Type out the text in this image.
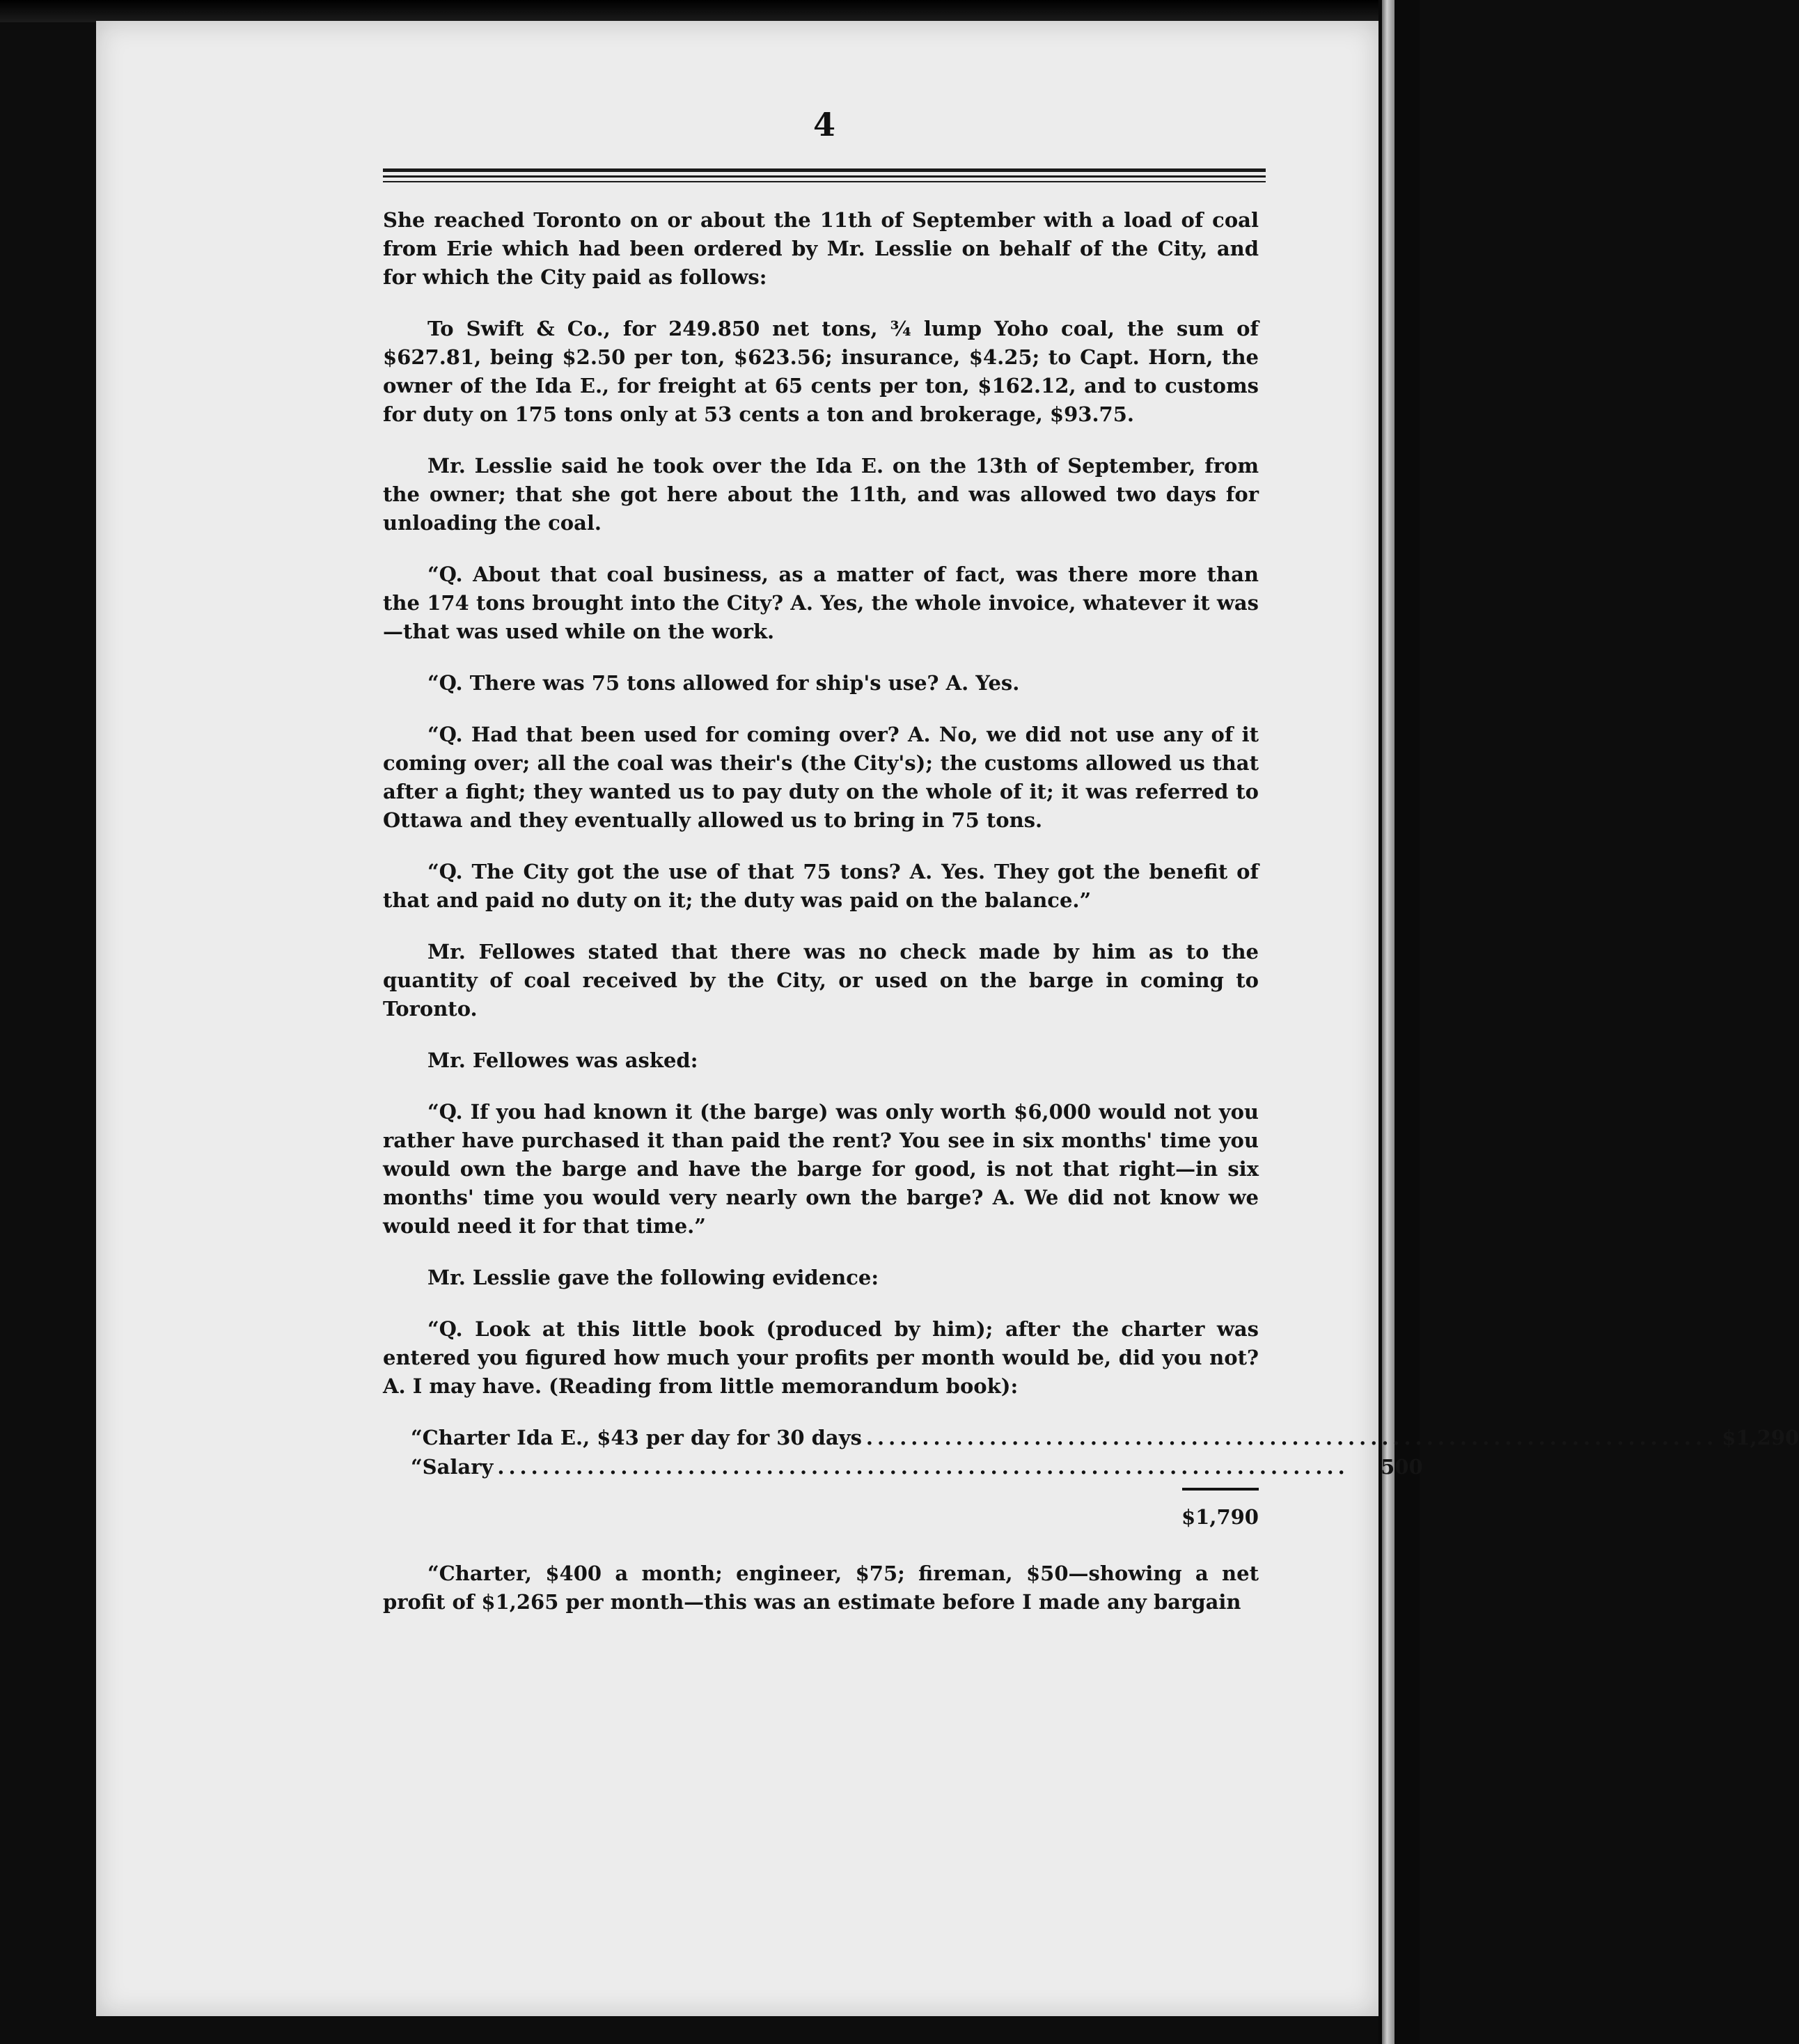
4

She reached Toronto on or about the 11th of September with a load of coal from Erie which had been ordered by Mr. Lesslie on behalf of the City, and for which the City paid as follows:

To Swift & Co., for 249.850 net tons, ¾ lump Yoho coal, the sum of $627.81, being $2.50 per ton, $623.56; insurance, $4.25; to Capt. Horn, the owner of the Ida E., for freight at 65 cents per ton, $162.12, and to customs for duty on 175 tons only at 53 cents a ton and brokerage, $93.75.

Mr. Lesslie said he took over the Ida E. on the 13th of September, from the owner; that she got here about the 11th, and was allowed two days for unloading the coal.

“Q. About that coal business, as a matter of fact, was there more than the 174 tons brought into the City? A. Yes, the whole invoice, whatever it was—that was used while on the work.

“Q. There was 75 tons allowed for ship's use? A. Yes.

“Q. Had that been used for coming over? A. No, we did not use any of it coming over; all the coal was their's (the City's); the customs allowed us that after a fight; they wanted us to pay duty on the whole of it; it was referred to Ottawa and they eventually allowed us to bring in 75 tons.

“Q. The City got the use of that 75 tons? A. Yes. They got the benefit of that and paid no duty on it; the duty was paid on the balance.”

Mr. Fellowes stated that there was no check made by him as to the quantity of coal received by the City, or used on the barge in coming to Toronto.

Mr. Fellowes was asked:

“Q. If you had known it (the barge) was only worth $6,000 would not you rather have purchased it than paid the rent? You see in six months' time you would own the barge and have the barge for good, is not that right—in six months' time you would very nearly own the barge? A. We did not know we would need it for that time.”

Mr. Lesslie gave the following evidence:

“Q. Look at this little book (produced by him); after the charter was entered you figured how much your profits per month would be, did you not? A. I may have. (Reading from little memorandum book):

“Charter Ida E., $43 per day for 30 days ............................................................................ $1,290
“Salary ............................................................................	500
$1,790

“Charter, $400 a month; engineer, $75; fireman, $50—showing a net profit of $1,265 per month—this was an estimate before I made any bargain
